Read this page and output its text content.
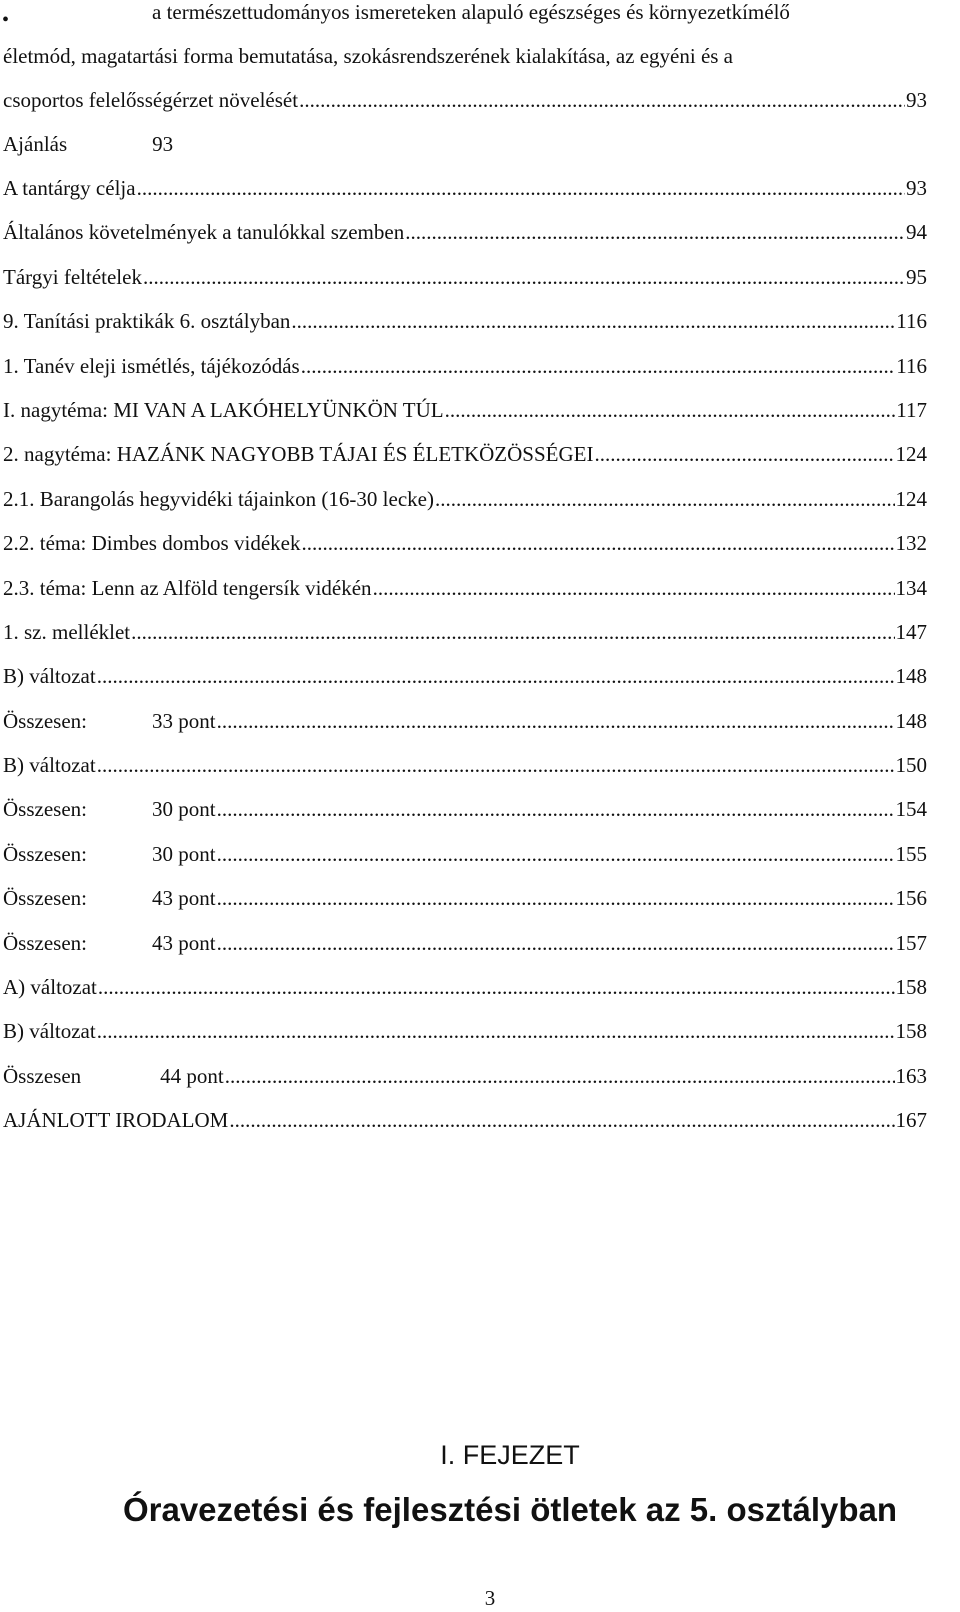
•	a természettudományos ismereteken alapuló egészséges és környezetkímélő
életmód, magatartási forma bemutatása, szokásrendszerének kialakítása, az egyéni és a
csoportos felelősségérzet növelését .....	93
Ajánlás	93
A tantárgy célja .....	93
Általános követelmények a tanulókkal szemben .....	94
Tárgyi feltételek .....	95
9. Tanítási praktikák 6. osztályban .....	116
1. Tanév eleji ismétlés, tájékozódás .....	116
I. nagytéma: MI VAN A LAKÓHELYÜNKÖN TÚL .....	117
2. nagytéma: HAZÁNK NAGYOBB TÁJAI ÉS ÉLETKÖZÖSSÉGEI .....	124
2.1. Barangolás hegyvidéki tájainkon (16-30 lecke) .....	124
2.2. téma: Dimbes dombos vidékek .....	132
2.3. téma: Lenn az Alföld tengersík vidékén .....	134
1. sz. melléklet .....	147
B) változat .....	148
Összesen:	33 pont .....	148
B) változat .....	150
Összesen:	30 pont .....	154
Összesen:	30 pont .....	155
Összesen:	43 pont .....	156
Összesen:	43 pont .....	157
A) változat .....	158
B) változat .....	158
Összesen	44 pont .....	163
AJÁNLOTT IRODALOM .....	167
I. FEJEZET
Óravezetési és fejlesztési ötletek az 5. osztályban
3
